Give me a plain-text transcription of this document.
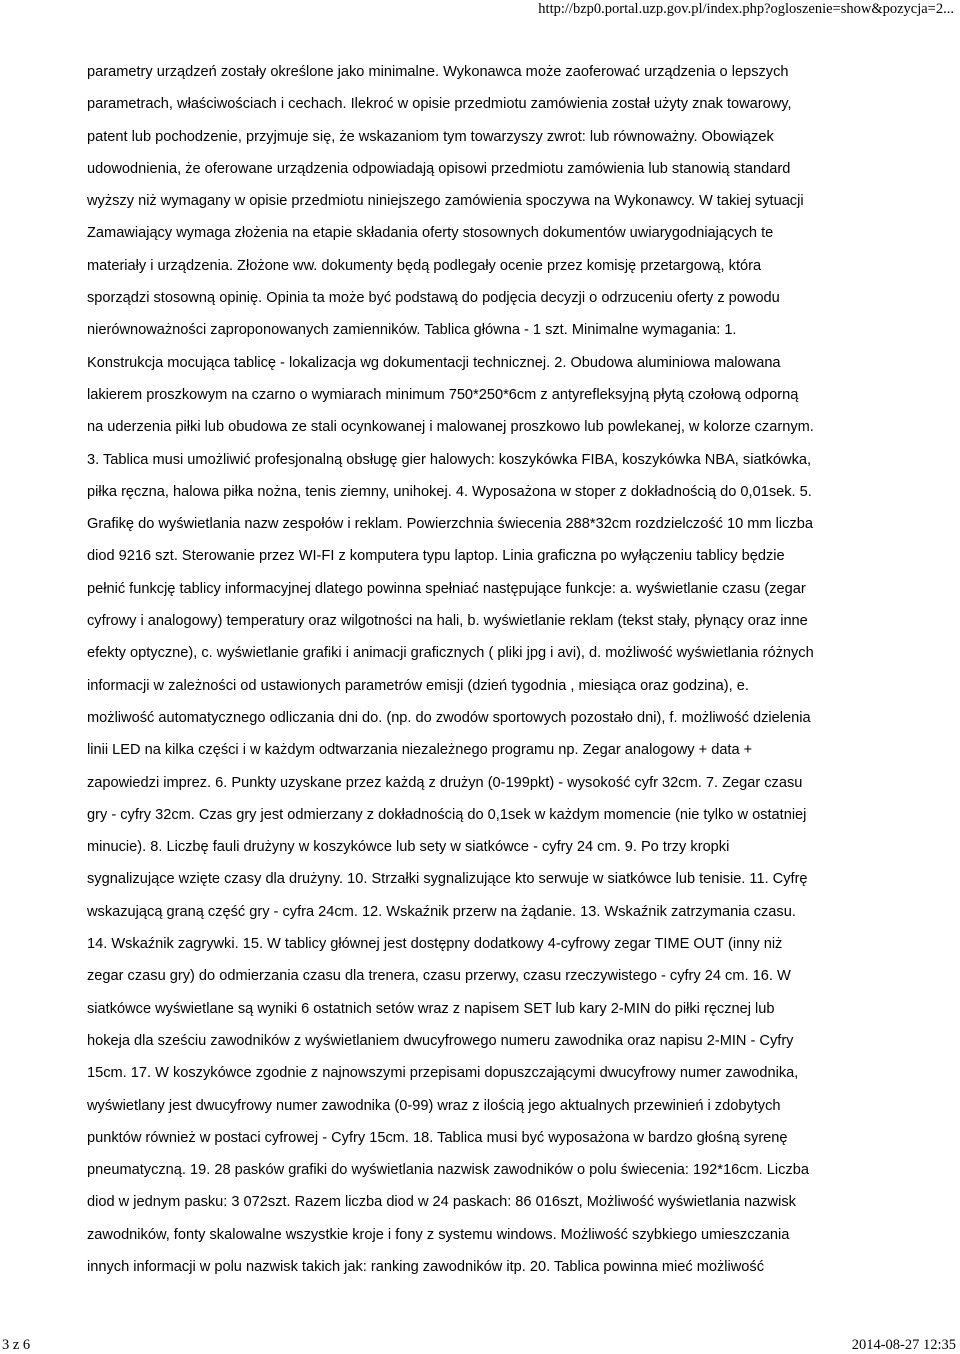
http://bzp0.portal.uzp.gov.pl/index.php?ogloszenie=show&pozycja=2...
parametry urządzeń zostały określone jako minimalne. Wykonawca może zaoferować urządzenia o lepszych
parametrach, właściwościach i cechach. Ilekroć w opisie przedmiotu zamówienia został użyty znak towarowy,
patent lub pochodzenie, przyjmuje się, że wskazaniom tym towarzyszy zwrot: lub równoważny. Obowiązek
udowodnienia, że oferowane urządzenia odpowiadają opisowi przedmiotu zamówienia lub stanowią standard
wyższy niż wymagany w opisie przedmiotu niniejszego zamówienia spoczywa na Wykonawcy. W takiej sytuacji
Zamawiający wymaga złożenia na etapie składania oferty stosownych dokumentów uwiarygodniających te
materiały i urządzenia. Złożone ww. dokumenty będą podlegały ocenie przez komisję przetargową, która
sporządzi stosowną opinię. Opinia ta może być podstawą do podjęcia decyzji o odrzuceniu oferty z powodu
nierównoważności zaproponowanych zamienników. Tablica główna - 1 szt. Minimalne wymagania: 1.
Konstrukcja mocująca tablicę - lokalizacja wg dokumentacji technicznej. 2. Obudowa aluminiowa malowana
lakierem proszkowym na czarno o wymiarach minimum 750*250*6cm z antyrefleksyjną płytą czołową odporną
na uderzenia piłki lub obudowa ze stali ocynkowanej i malowanej proszkowo lub powlekanej, w kolorze czarnym.
3. Tablica musi umożliwić profesjonalną obsługę gier halowych: koszykówka FIBA, koszykówka NBA, siatkówka,
piłka ręczna, halowa piłka nożna, tenis ziemny, unihokej. 4. Wyposażona w stoper z dokładnością do 0,01sek. 5.
Grafikę do wyświetlania nazw zespołów i reklam. Powierzchnia świecenia 288*32cm rozdzielczość 10 mm liczba
diod 9216 szt. Sterowanie przez WI-FI z komputera typu laptop. Linia graficzna po wyłączeniu tablicy będzie
pełnić funkcję tablicy informacyjnej dlatego powinna spełniać następujące funkcje: a. wyświetlanie czasu (zegar
cyfrowy i analogowy) temperatury oraz wilgotności na hali, b. wyświetlanie reklam (tekst stały, płynący oraz inne
efekty optyczne), c. wyświetlanie grafiki i animacji graficznych ( pliki jpg i avi), d. możliwość wyświetlania różnych
informacji w zależności od ustawionych parametrów emisji (dzień tygodnia , miesiąca oraz godzina), e.
możliwość automatycznego odliczania dni do. (np. do zwodów sportowych pozostało dni), f. możliwość dzielenia
linii LED na kilka części i w każdym odtwarzania niezależnego programu np. Zegar analogowy + data +
zapowiedzi imprez. 6. Punkty uzyskane przez każdą z drużyn (0-199pkt) - wysokość cyfr 32cm. 7. Zegar czasu
gry - cyfry 32cm. Czas gry jest odmierzany z dokładnością do 0,1sek w każdym momencie (nie tylko w ostatniej
minucie). 8. Liczbę fauli drużyny w koszykówce lub sety w siatkówce - cyfry 24 cm. 9. Po trzy kropki
sygnalizujące wzięte czasy dla drużyny. 10. Strzałki sygnalizujące kto serwuje w siatkówce lub tenisie. 11. Cyfrę
wskazującą graną część gry - cyfra 24cm. 12. Wskaźnik przerw na żądanie. 13. Wskaźnik zatrzymania czasu.
14. Wskaźnik zagrywki. 15. W tablicy głównej jest dostępny dodatkowy 4-cyfrowy zegar TIME OUT (inny niż
zegar czasu gry) do odmierzania czasu dla trenera, czasu przerwy, czasu rzeczywistego - cyfry 24 cm. 16. W
siatkówce wyświetlane są wyniki 6 ostatnich setów wraz z napisem SET lub kary 2-MIN do piłki ręcznej lub
hokeja dla sześciu zawodników z wyświetlaniem dwucyfrowego numeru zawodnika oraz napisu 2-MIN - Cyfry
15cm. 17. W koszykówce zgodnie z najnowszymi przepisami dopuszczającymi dwucyfrowy numer zawodnika,
wyświetlany jest dwucyfrowy numer zawodnika (0-99) wraz z ilością jego aktualnych przewinień i zdobytych
punktów również w postaci cyfrowej - Cyfry 15cm. 18. Tablica musi być wyposażona w bardzo głośną syrenę
pneumatyczną. 19. 28 pasków grafiki do wyświetlania nazwisk zawodników o polu świecenia: 192*16cm. Liczba
diod w jednym pasku: 3 072szt. Razem liczba diod w 24 paskach: 86 016szt, Możliwość wyświetlania nazwisk
zawodników, fonty skalowalne wszystkie kroje i fony z systemu windows. Możliwość szybkiego umieszczania
innych informacji w polu nazwisk takich jak: ranking zawodników itp. 20. Tablica powinna mieć możliwość
3 z 6	2014-08-27 12:35
